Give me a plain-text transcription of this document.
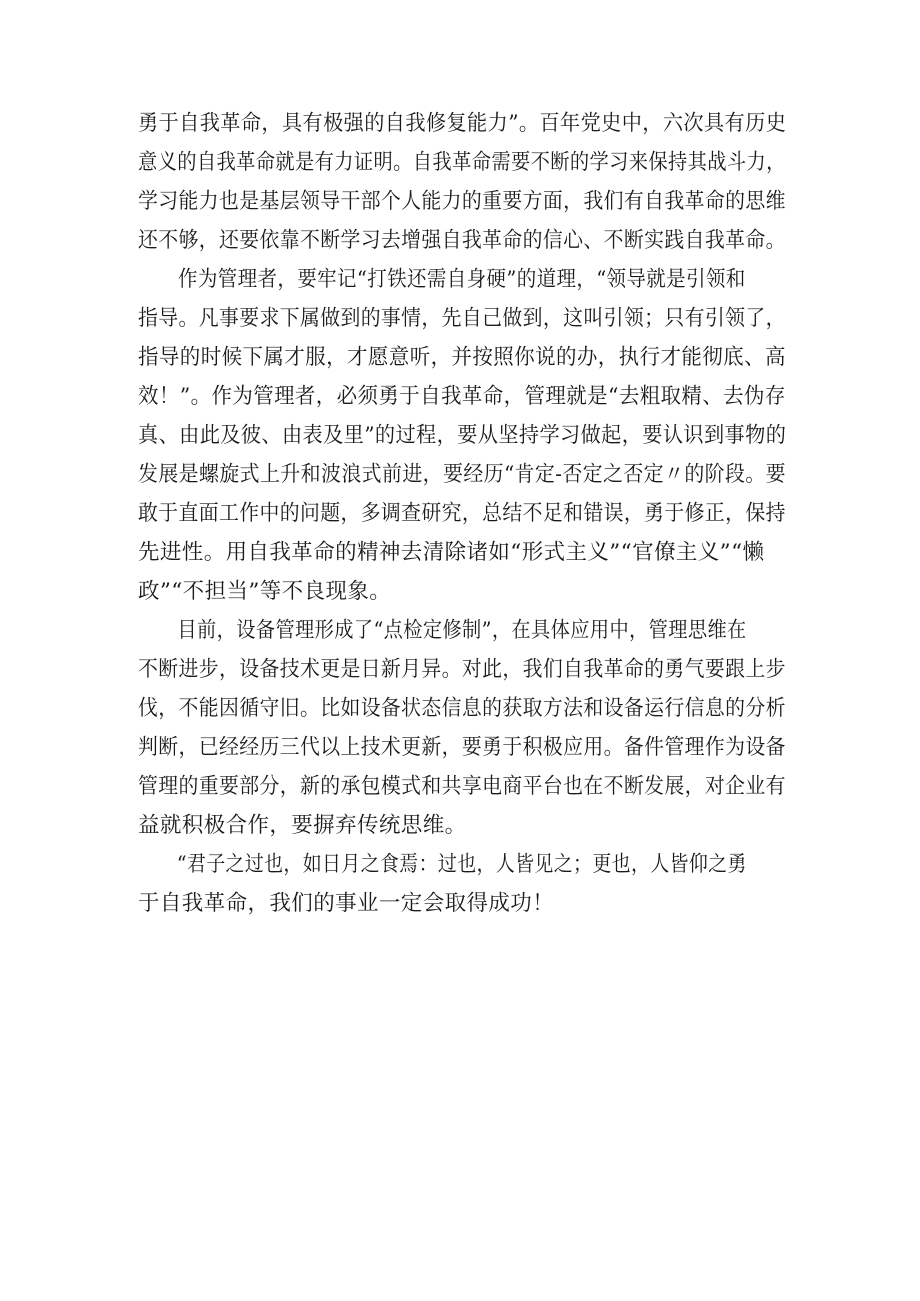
勇于自我革命，具有极强的自我修复能力”。百年党史中，六次具有历史
意义的自我革命就是有力证明。自我革命需要不断的学习来保持其战斗力，
学习能力也是基层领导干部个人能力的重要方面，我们有自我革命的思维
还不够，还要依靠不断学习去增强自我革命的信心、不断实践自我革命。

作为管理者，要牢记“打铁还需自身硬”的道理，“领导就是引领和
指导。凡事要求下属做到的事情，先自己做到，这叫引领；只有引领了，
指导的时候下属才服，才愿意听，并按照你说的办，执行才能彻底、高
效！”。作为管理者，必须勇于自我革命，管理就是“去粗取精、去伪存
真、由此及彼、由表及里”的过程，要从坚持学习做起，要认识到事物的
发展是螺旋式上升和波浪式前进，要经历“肯定-否定之否定〃的阶段。要
敢于直面工作中的问题，多调查研究，总结不足和错误，勇于修正，保持
先进性。用自我革命的精神去清除诸如“形式主义”“官僚主义”“懒
政”“不担当”等不良现象。

目前，设备管理形成了“点检定修制”，在具体应用中，管理思维在
不断进步，设备技术更是日新月异。对此，我们自我革命的勇气要跟上步
伐，不能因循守旧。比如设备状态信息的获取方法和设备运行信息的分析
判断，已经经历三代以上技术更新，要勇于积极应用。备件管理作为设备
管理的重要部分，新的承包模式和共享电商平台也在不断发展，对企业有
益就积极合作，要摒弃传统思维。

“君子之过也，如日月之食焉：过也，人皆见之；更也，人皆仰之勇
于自我革命，我们的事业一定会取得成功！
